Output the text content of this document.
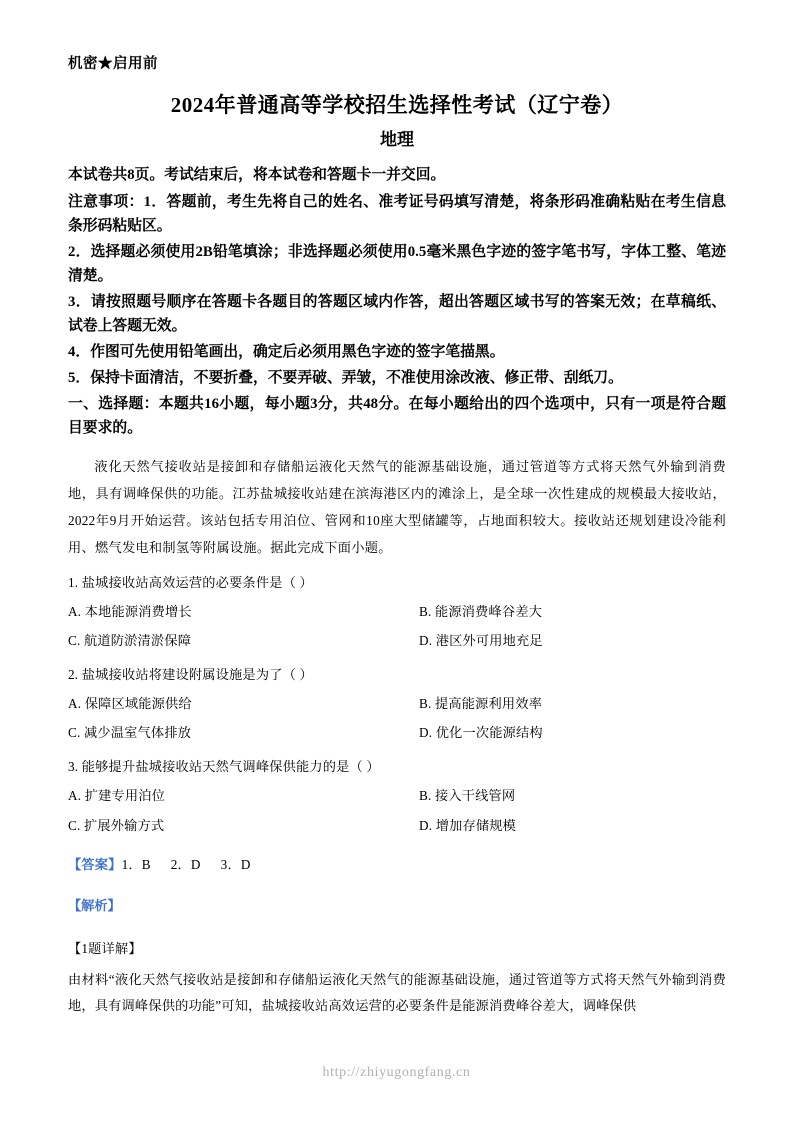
机密★启用前
2024年普通高等学校招生选择性考试（辽宁卷）
地理
本试卷共8页。考试结束后，将本试卷和答题卡一并交回。
注意事项：1．答题前，考生先将自己的姓名、准考证号码填写清楚，将条形码准确粘贴在考生信息条形码粘贴区。
2．选择题必须使用2B铅笔填涂；非选择题必须使用0.5毫米黑色字迹的签字笔书写，字体工整、笔迹清楚。
3．请按照题号顺序在答题卡各题目的答题区域内作答，超出答题区域书写的答案无效；在草稿纸、试卷上答题无效。
4．作图可先使用铅笔画出，确定后必须用黑色字迹的签字笔描黑。
5．保持卡面清洁，不要折叠，不要弄破、弄皱，不准使用涂改液、修正带、刮纸刀。
一、选择题：本题共16小题，每小题3分，共48分。在每小题给出的四个选项中，只有一项是符合题目要求的。
液化天然气接收站是接卸和存储船运液化天然气的能源基础设施，通过管道等方式将天然气外输到消费地，具有调峰保供的功能。江苏盐城接收站建在滨海港区内的滩涂上，是全球一次性建成的规模最大接收站，2022年9月开始运营。该站包括专用泊位、管网和10座大型储罐等，占地面积较大。接收站还规划建设冷能利用、燃气发电和制氢等附属设施。据此完成下面小题。
1. 盐城接收站高效运营的必要条件是（ ）
A. 本地能源消费增长	B. 能源消费峰谷差大
C. 航道防淤清淤保障	D. 港区外可用地充足
2. 盐城接收站将建设附属设施是为了（ ）
A. 保障区域能源供给	B. 提高能源利用效率
C. 减少温室气体排放	D. 优化一次能源结构
3. 能够提升盐城接收站天然气调峰保供能力的是（ ）
A. 扩建专用泊位	B. 接入干线管网
C. 扩展外输方式	D. 增加存储规模
【答案】1．B 2．D 3．D
【解析】
【1题详解】
由材料“液化天然气接收站是接卸和存储船运液化天然气的能源基础设施，通过管道等方式将天然气外输到消费地，具有调峰保供的功能”可知，盐城接收站高效运营的必要条件是能源消费峰谷差大，调峰保供
http://zhiyugongfang.cn
